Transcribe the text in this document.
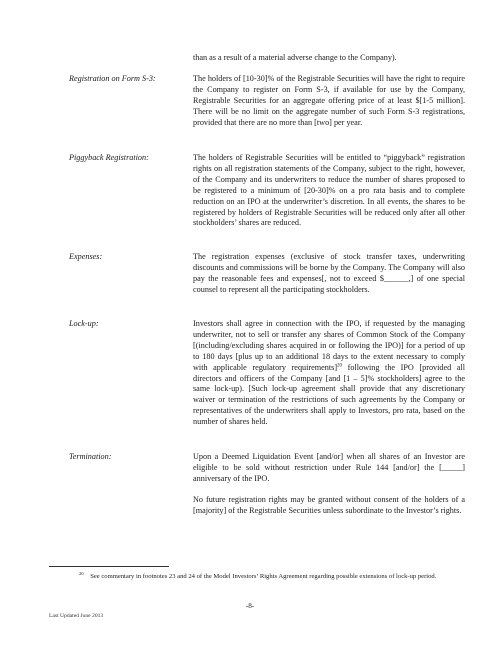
than as a result of a material adverse change to the Company).

Registration on Form S-3:	The holders of [10-30]% of the Registrable Securities will have the right to require the Company to register on Form S-3, if available for use by the Company, Registrable Securities for an aggregate offering price of at least $[1-5 million]. There will be no limit on the aggregate number of such Form S-3 registrations, provided that there are no more than [two] per year.

Piggyback Registration:	The holders of Registrable Securities will be entitled to “piggyback” registration rights on all registration statements of the Company, subject to the right, however, of the Company and its underwriters to reduce the number of shares proposed to be registered to a minimum of [20-30]% on a pro rata basis and to complete reduction on an IPO at the underwriter’s discretion. In all events, the shares to be registered by holders of Registrable Securities will be reduced only after all other stockholders’ shares are reduced.

Expenses:	The registration expenses (exclusive of stock transfer taxes, underwriting discounts and commissions will be borne by the Company. The Company will also pay the reasonable fees and expenses[, not to exceed $______,] of one special counsel to represent all the participating stockholders.

Lock-up:	Investors shall agree in connection with the IPO, if requested by the managing underwriter, not to sell or transfer any shares of Common Stock of the Company [(including/excluding shares acquired in or following the IPO)] for a period of up to 180 days [plus up to an additional 18 days to the extent necessary to comply with applicable regulatory requirements]$^{20}$ following the IPO [provided all directors and officers of the Company [and [1 – 5]% stockholders] agree to the same lock-up). [Such lock-up agreement shall provide that any discretionary waiver or termination of the restrictions of such agreements by the Company or representatives of the underwriters shall apply to Investors, pro rata, based on the number of shares held.

Termination:	Upon a Deemed Liquidation Event [and/or] when all shares of an Investor are eligible to be sold without restriction under Rule 144 [and/or] the [_____] anniversary of the IPO.

No future registration rights may be granted without consent of the holders of a [majority] of the Registrable Securities unless subordinate to the Investor’s rights.

$^{20}$ See commentary in footnotes 23 and 24 of the Model Investors’ Rights Agreement regarding possible extensions of lock-up period.

-8-

Last Updated June 2013
